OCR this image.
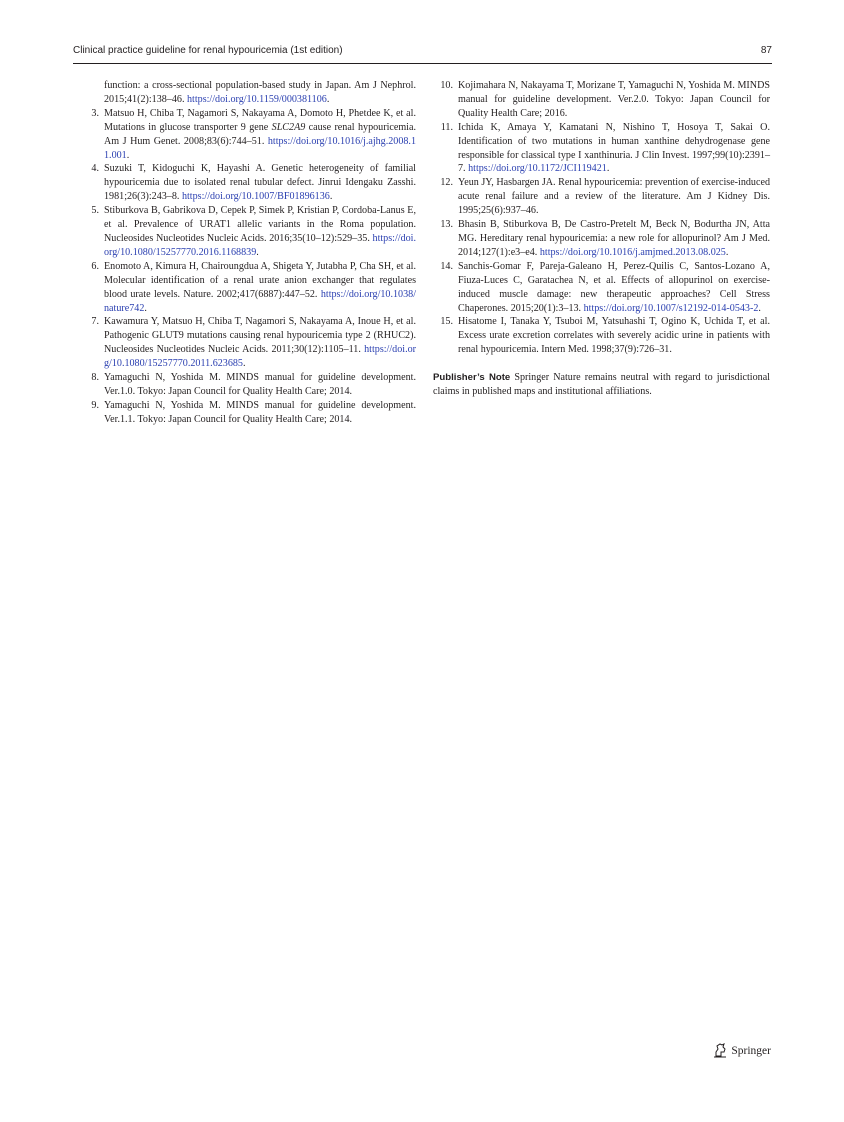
Clinical practice guideline for renal hypouricemia (1st edition)	87
function: a cross-sectional population-based study in Japan. Am J Nephrol. 2015;41(2):138–46. https://doi.org/10.1159/000381106.
3. Matsuo H, Chiba T, Nagamori S, Nakayama A, Domoto H, Phetdee K, et al. Mutations in glucose transporter 9 gene SLC2A9 cause renal hypouricemia. Am J Hum Genet. 2008;83(6):744–51. https://doi.org/10.1016/j.ajhg.2008.11.001.
4. Suzuki T, Kidoguchi K, Hayashi A. Genetic heterogeneity of familial hypouricemia due to isolated renal tubular defect. Jinrui Idengaku Zasshi. 1981;26(3):243–8. https://doi.org/10.1007/BF01896136.
5. Stiburkova B, Gabrikova D, Cepek P, Simek P, Kristian P, Cordoba-Lanus E, et al. Prevalence of URAT1 allelic variants in the Roma population. Nucleosides Nucleotides Nucleic Acids. 2016;35(10–12):529–35. https://doi.org/10.1080/15257770.2016.1168839.
6. Enomoto A, Kimura H, Chairoungdua A, Shigeta Y, Jutabha P, Cha SH, et al. Molecular identification of a renal urate anion exchanger that regulates blood urate levels. Nature. 2002;417(6887):447–52. https://doi.org/10.1038/nature742.
7. Kawamura Y, Matsuo H, Chiba T, Nagamori S, Nakayama A, Inoue H, et al. Pathogenic GLUT9 mutations causing renal hypouricemia type 2 (RHUC2). Nucleosides Nucleotides Nucleic Acids. 2011;30(12):1105–11. https://doi.org/10.1080/15257770.2011.623685.
8. Yamaguchi N, Yoshida M. MINDS manual for guideline development. Ver.1.0. Tokyo: Japan Council for Quality Health Care; 2014.
9. Yamaguchi N, Yoshida M. MINDS manual for guideline development. Ver.1.1. Tokyo: Japan Council for Quality Health Care; 2014.
10. Kojimahara N, Nakayama T, Morizane T, Yamaguchi N, Yoshida M. MINDS manual for guideline development. Ver.2.0. Tokyo: Japan Council for Quality Health Care; 2016.
11. Ichida K, Amaya Y, Kamatani N, Nishino T, Hosoya T, Sakai O. Identification of two mutations in human xanthine dehydrogenase gene responsible for classical type I xanthinuria. J Clin Invest. 1997;99(10):2391–7. https://doi.org/10.1172/JCI119421.
12. Yeun JY, Hasbargen JA. Renal hypouricemia: prevention of exercise-induced acute renal failure and a review of the literature. Am J Kidney Dis. 1995;25(6):937–46.
13. Bhasin B, Stiburkova B, De Castro-Pretelt M, Beck N, Bodurtha JN, Atta MG. Hereditary renal hypouricemia: a new role for allopurinol? Am J Med. 2014;127(1):e3–e4. https://doi.org/10.1016/j.amjmed.2013.08.025.
14. Sanchis-Gomar F, Pareja-Galeano H, Perez-Quilis C, Santos-Lozano A, Fiuza-Luces C, Garatachea N, et al. Effects of allopurinol on exercise-induced muscle damage: new therapeutic approaches? Cell Stress Chaperones. 2015;20(1):3–13. https://doi.org/10.1007/s12192-014-0543-2.
15. Hisatome I, Tanaka Y, Tsuboi M, Yatsuhashi T, Ogino K, Uchida T, et al. Excess urate excretion correlates with severely acidic urine in patients with renal hypouricemia. Intern Med. 1998;37(9):726–31.
Publisher’s Note Springer Nature remains neutral with regard to jurisdictional claims in published maps and institutional affiliations.
Springer
